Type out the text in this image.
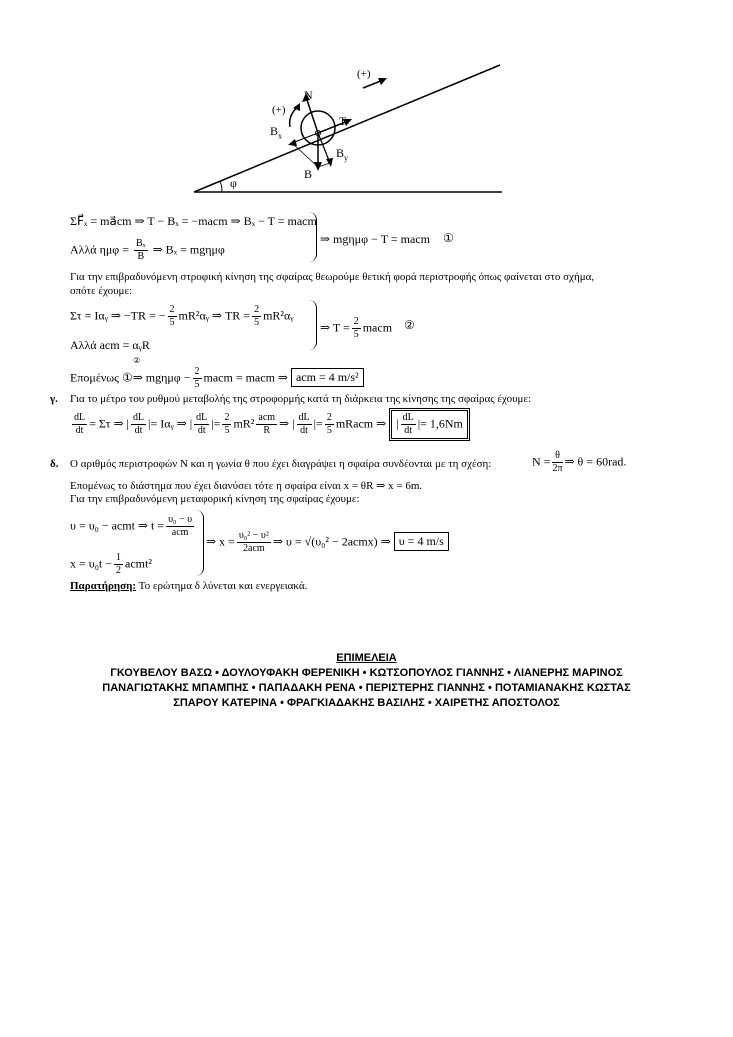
φ
N
T
B
$B_x$
$B_y$
(+)
(+)
ΣF⃗ₓ = ma⃗cm ⇒ T − Bₓ = −macm ⇒ Bₓ − T = macm
Αλλά $\eta\mu\varphi = \frac{\text{Bₓ}}{B}$ ⇒ Bₓ = mgημφ
⇒ mgημφ − T = macm ①
Για την επιβραδυνόμενη στροφική κίνηση της σφαίρας θεωρούμε θετική φορά περιστροφής όπως φαίνεται στο σχήμα,
οπότε έχουμε:
Στ = Iαᵧ ⇒ −TR = − $\frac{2}{5}$ mR²αᵧ ⇒ TR = $\frac{2}{5}$ mR²αᵧ
Αλλά acm = αᵧR
⇒ $T = \frac{2}{5}$ macm ②
②
Επομένως ①⇒ $mg\eta\mu\varphi - \frac{2}{5}$ macm = macm ⇒ acm = 4 m/s²
γ. Για το μέτρο του ρυθμού μεταβολής της στροφορμής κατά τη διάρκεια της κίνησης της σφαίρας έχουμε:
$\frac{dL}{dt} = \Sigma\tau$ ⇒ | $\frac{dL}{dt}$ |= Iαᵧ ⇒ | $\frac{dL}{dt}$ |= $\frac{2}{5} mR^2 \frac{\text{acm}}{R}$ ⇒ | $\frac{dL}{dt}$ |= $\frac{2}{5}$ mRacm ⇒ | $\frac{dL}{dt}$ |= 1,6Nm
δ. Ο αριθμός περιστροφών Ν και η γωνία θ που έχει διαγράψει η σφαίρα συνδέονται με τη σχέση:	$N = \frac{\theta}{2\pi}$ ⇒ θ = 60rad.
Επομένως το διάστημα που έχει διανύσει τότε η σφαίρα είναι x = θR ⇒ x = 6m.
Για την επιβραδυνόμενη μεταφορική κίνηση της σφαίρας έχουμε:
υ = υ₀ − acmt ⇒ $t = \frac{\text{υ₀ − υ}}{\text{acm}}$
$x = \upsilon_0t - \frac{1}{2}$ acmt²
⇒ $x = \frac{\text{υ₀² − υ²}}{\text{2acm}}$ ⇒ υ = √(υ₀² − 2acmx) ⇒ υ = 4 m/s
Παρατήρηση: Το ερώτημα δ λύνεται και ενεργειακά.
ΕΠΙΜΕΛΕΙΑ
ΓΚΟΥΒΕΛΟΥ ΒΑΣΩ • ΔΟΥΛΟΥΦΑΚΗ ΦΕΡΕΝΙΚΗ • ΚΩΤΣΟΠΟΥΛΟΣ ΓΙΑΝΝΗΣ • ΛΙΑΝΕΡΗΣ ΜΑΡΙΝΟΣ
ΠΑΝΑΓΙΩΤΑΚΗΣ ΜΠΑΜΠΗΣ • ΠΑΠΑΔΑΚΗ ΡΕΝΑ • ΠΕΡΙΣΤΕΡΗΣ ΓΙΑΝΝΗΣ • ΠΟΤΑΜΙΑΝΑΚΗΣ ΚΩΣΤΑΣ
ΣΠΑΡΟΥ ΚΑΤΕΡΙΝΑ • ΦΡΑΓΚΙΑΔΑΚΗΣ ΒΑΣΙΛΗΣ • ΧΑΙΡΕΤΗΣ ΑΠΟΣΤΟΛΟΣ
